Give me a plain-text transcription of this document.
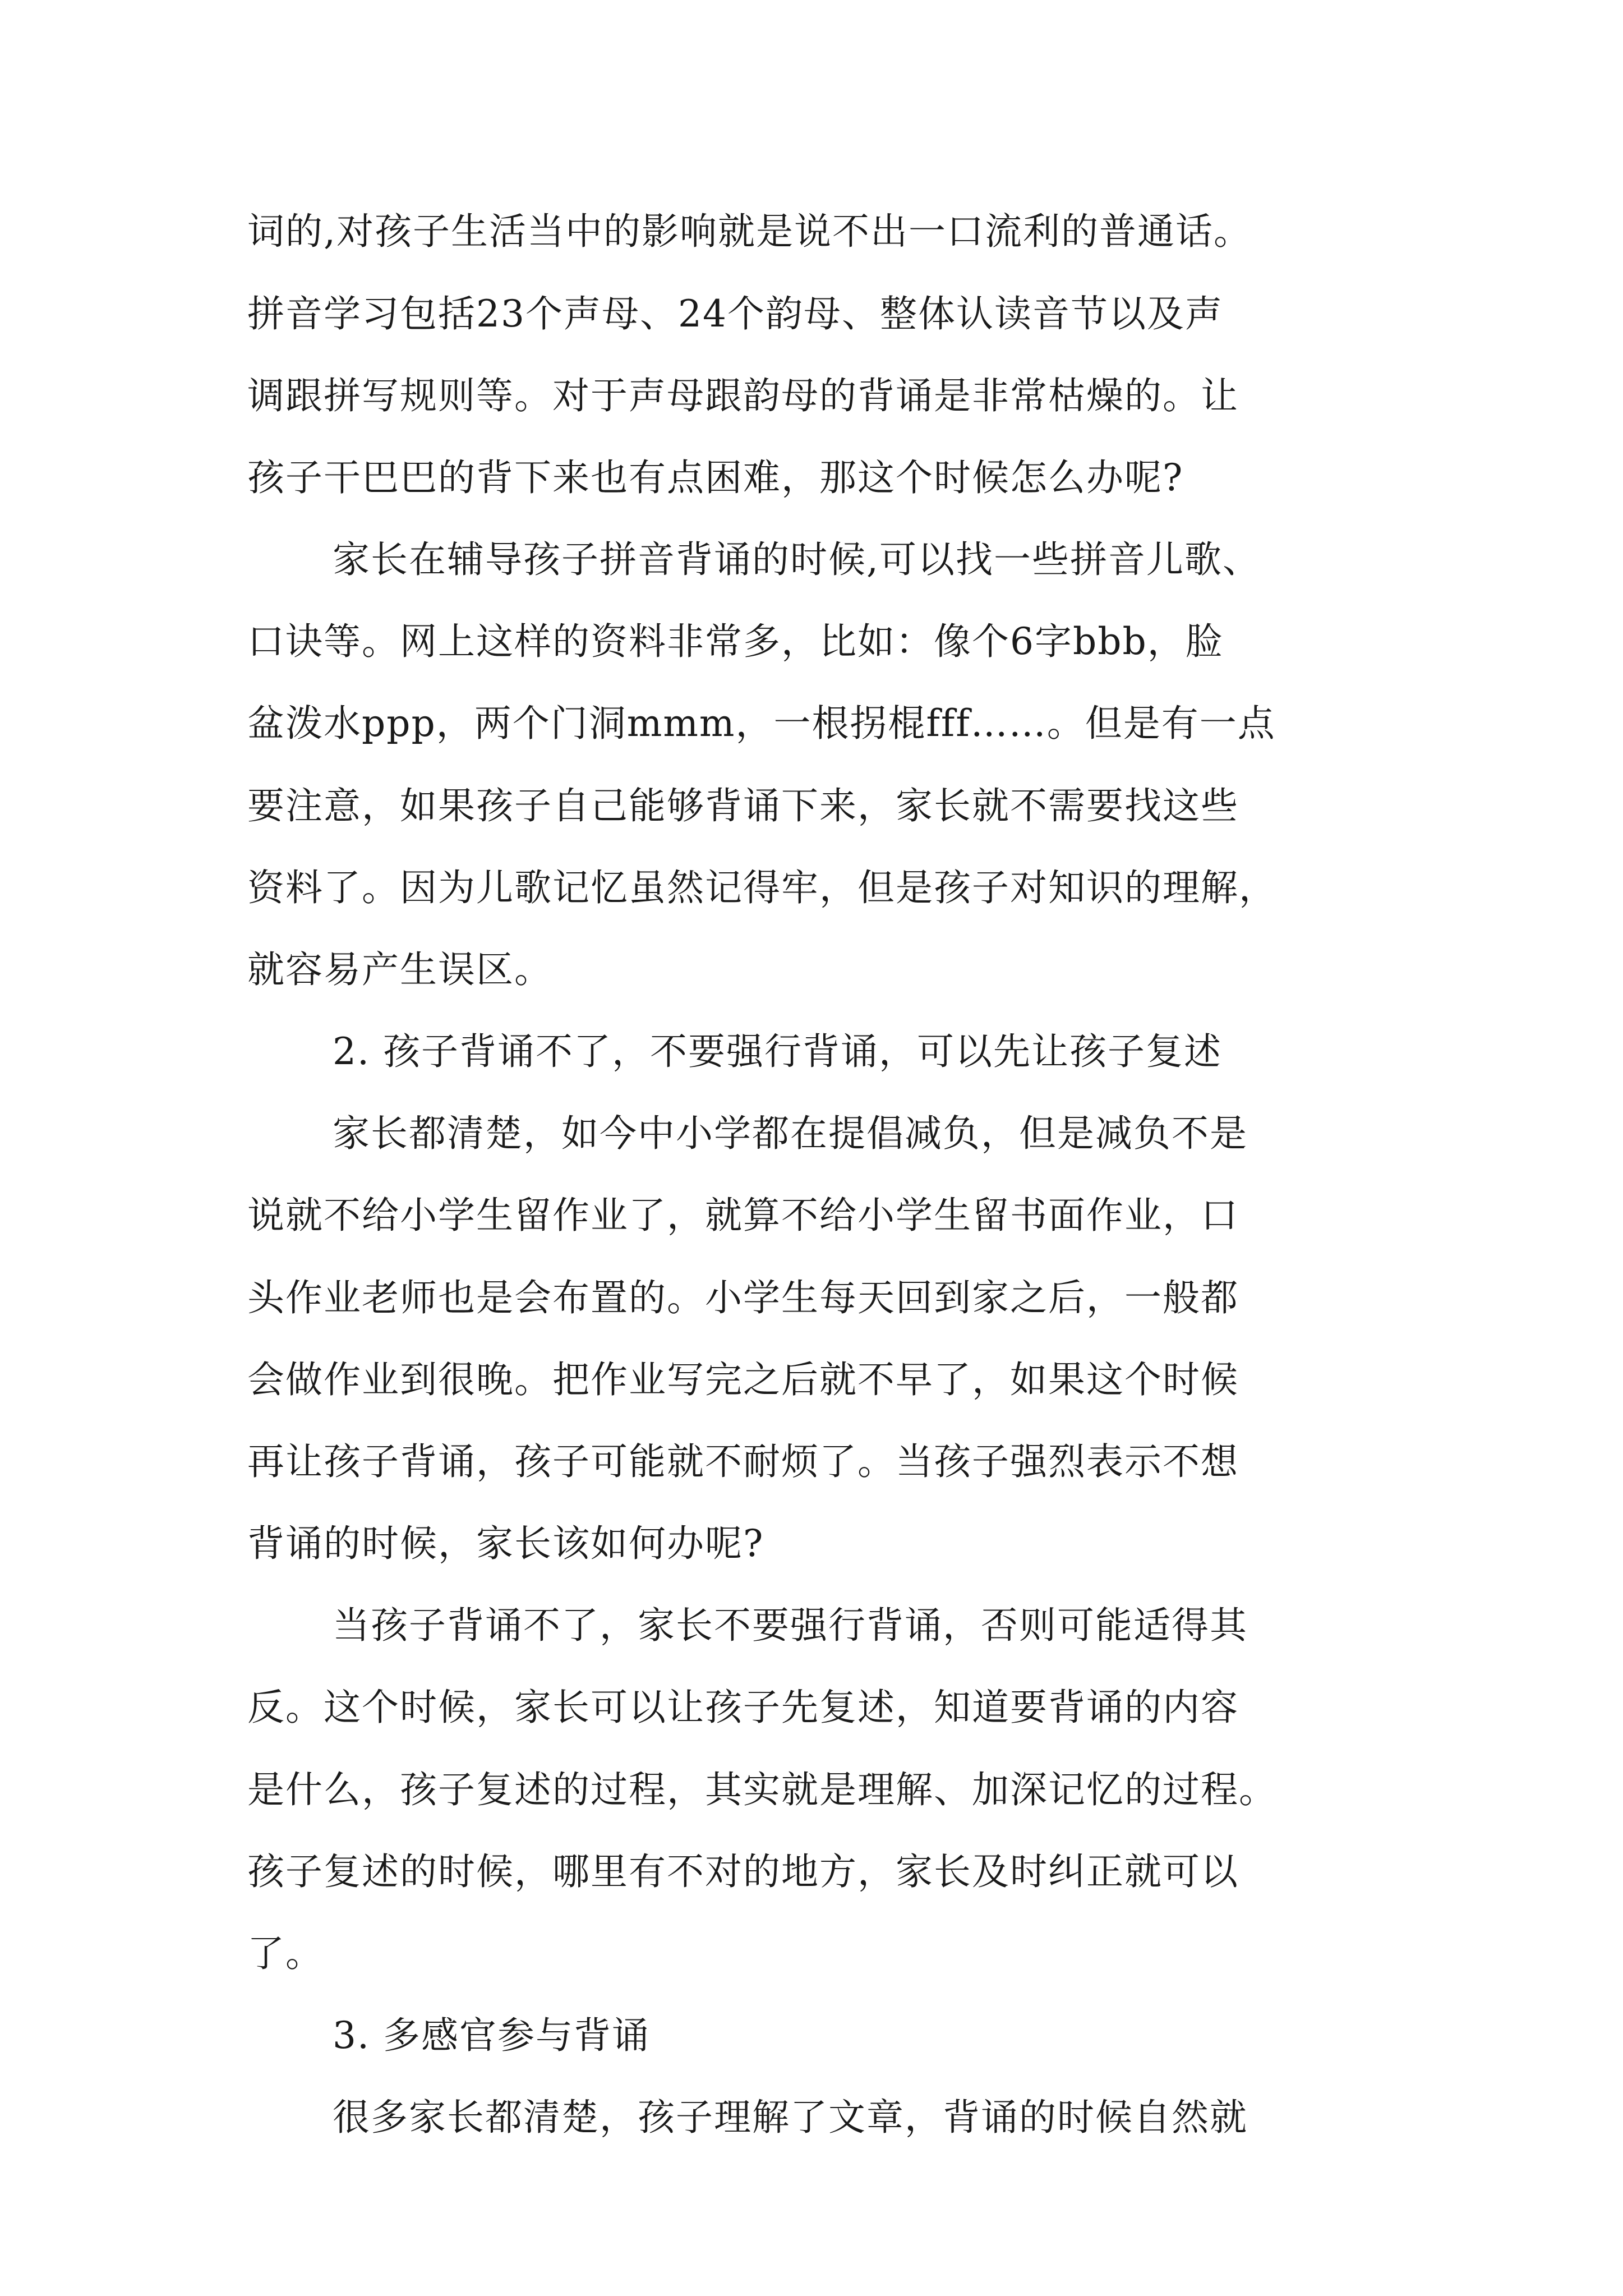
词的,对孩子生活当中的影响就是说不出一口流利的普通话。

拼音学习包括23个声母、24个韵母、整体认读音节以及声

调跟拼写规则等。对于声母跟韵母的背诵是非常枯燥的。让

孩子干巴巴的背下来也有点困难，那这个时候怎么办呢?

家长在辅导孩子拼音背诵的时候,可以找一些拼音儿歌、

口诀等。网上这样的资料非常多，比如：像个6字bbb，脸

盆泼水ppp，两个门洞mmm，一根拐棍fff……。但是有一点

要注意，如果孩子自己能够背诵下来，家长就不需要找这些

资料了。因为儿歌记忆虽然记得牢，但是孩子对知识的理解，

就容易产生误区。

2. 孩子背诵不了，不要强行背诵，可以先让孩子复述

家长都清楚，如今中小学都在提倡减负，但是减负不是

说就不给小学生留作业了，就算不给小学生留书面作业，口

头作业老师也是会布置的。小学生每天回到家之后，一般都

会做作业到很晚。把作业写完之后就不早了，如果这个时候

再让孩子背诵，孩子可能就不耐烦了。当孩子强烈表示不想

背诵的时候，家长该如何办呢?

当孩子背诵不了，家长不要强行背诵，否则可能适得其

反。这个时候，家长可以让孩子先复述，知道要背诵的内容

是什么，孩子复述的过程，其实就是理解、加深记忆的过程。

孩子复述的时候，哪里有不对的地方，家长及时纠正就可以

了。

3. 多感官参与背诵

很多家长都清楚，孩子理解了文章，背诵的时候自然就
